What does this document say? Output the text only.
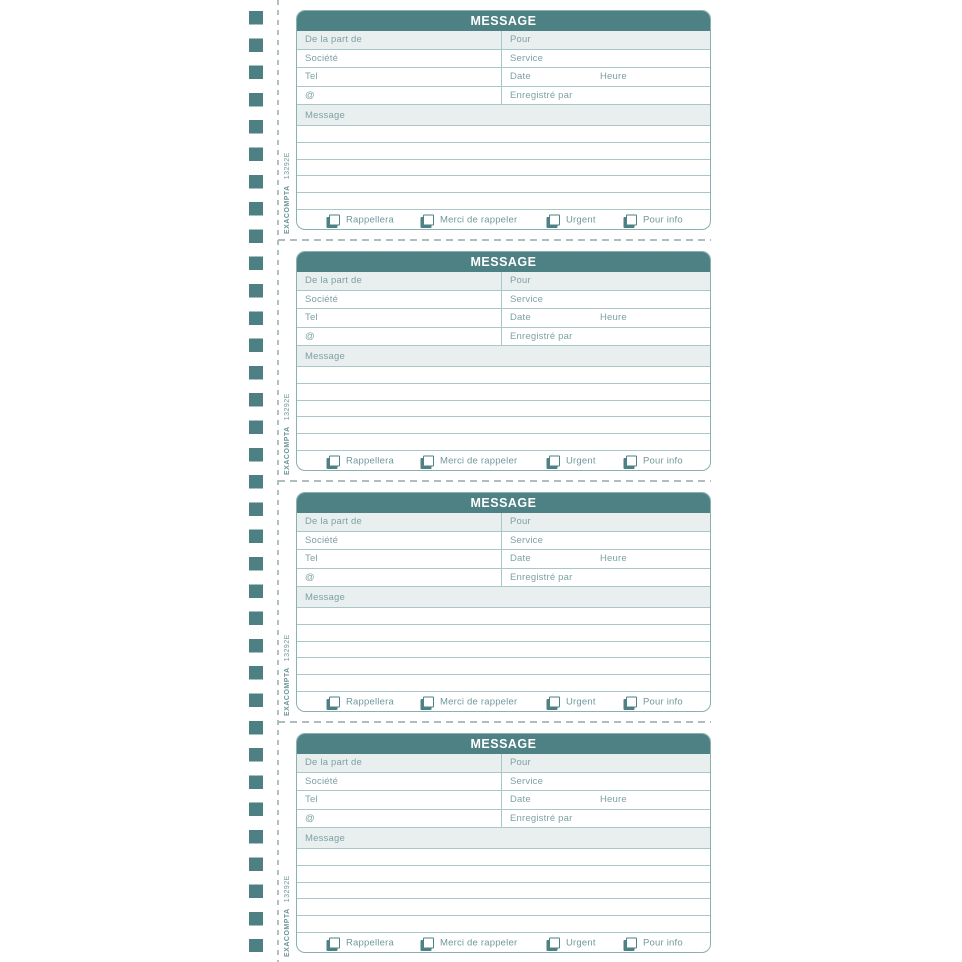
EXACOMPTA
13292E
MESSAGE
De la part de	Pour
Société	Service
Tel	Date	Heure
@	Enregistré par
Message
Rappellera	Merci de rappeler	Urgent	Pour info
EXACOMPTA
13292E
MESSAGE
De la part de	Pour
Société	Service
Tel	Date	Heure
@	Enregistré par
Message
Rappellera	Merci de rappeler	Urgent	Pour info
EXACOMPTA
13292E
MESSAGE
De la part de	Pour
Société	Service
Tel	Date	Heure
@	Enregistré par
Message
Rappellera	Merci de rappeler	Urgent	Pour info
EXACOMPTA
13292E
MESSAGE
De la part de	Pour
Société	Service
Tel	Date	Heure
@	Enregistré par
Message
Rappellera	Merci de rappeler	Urgent	Pour info
